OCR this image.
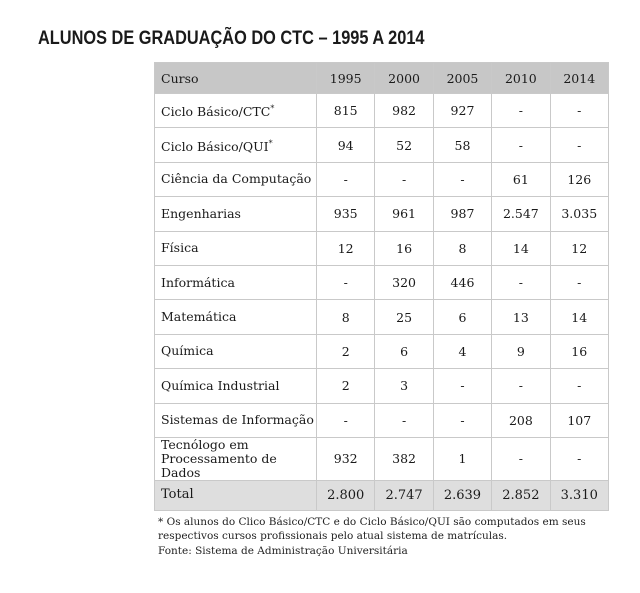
ALUNOS DE GRADUAÇÃO DO CTC – 1995 A 2014
Curso	1995	2000	2005	2010	2014
Ciclo Básico/CTC*	815	982	927	-	-
Ciclo Básico/QUI*	94	52	58	-	-
Ciência da Computação	-	-	-	61	126
Engenharias	935	961	987	2.547	3.035
Física	12	16	8	14	12
Informática	-	320	446	-	-
Matemática	8	25	6	13	14
Química	2	6	4	9	16
Química Industrial	2	3	-	-	-
Sistemas de Informação	-	-	-	208	107
Tecnólogo em
Processamento de Dados	932	382	1	-	-
Total	2.800	2.747	2.639	2.852	3.310

* Os alunos do Clico Básico/CTC e do Ciclo Básico/QUI são computados em seus respectivos cursos profissionais pelo atual sistema de matrículas.

Fonte: Sistema de Administração Universitária
